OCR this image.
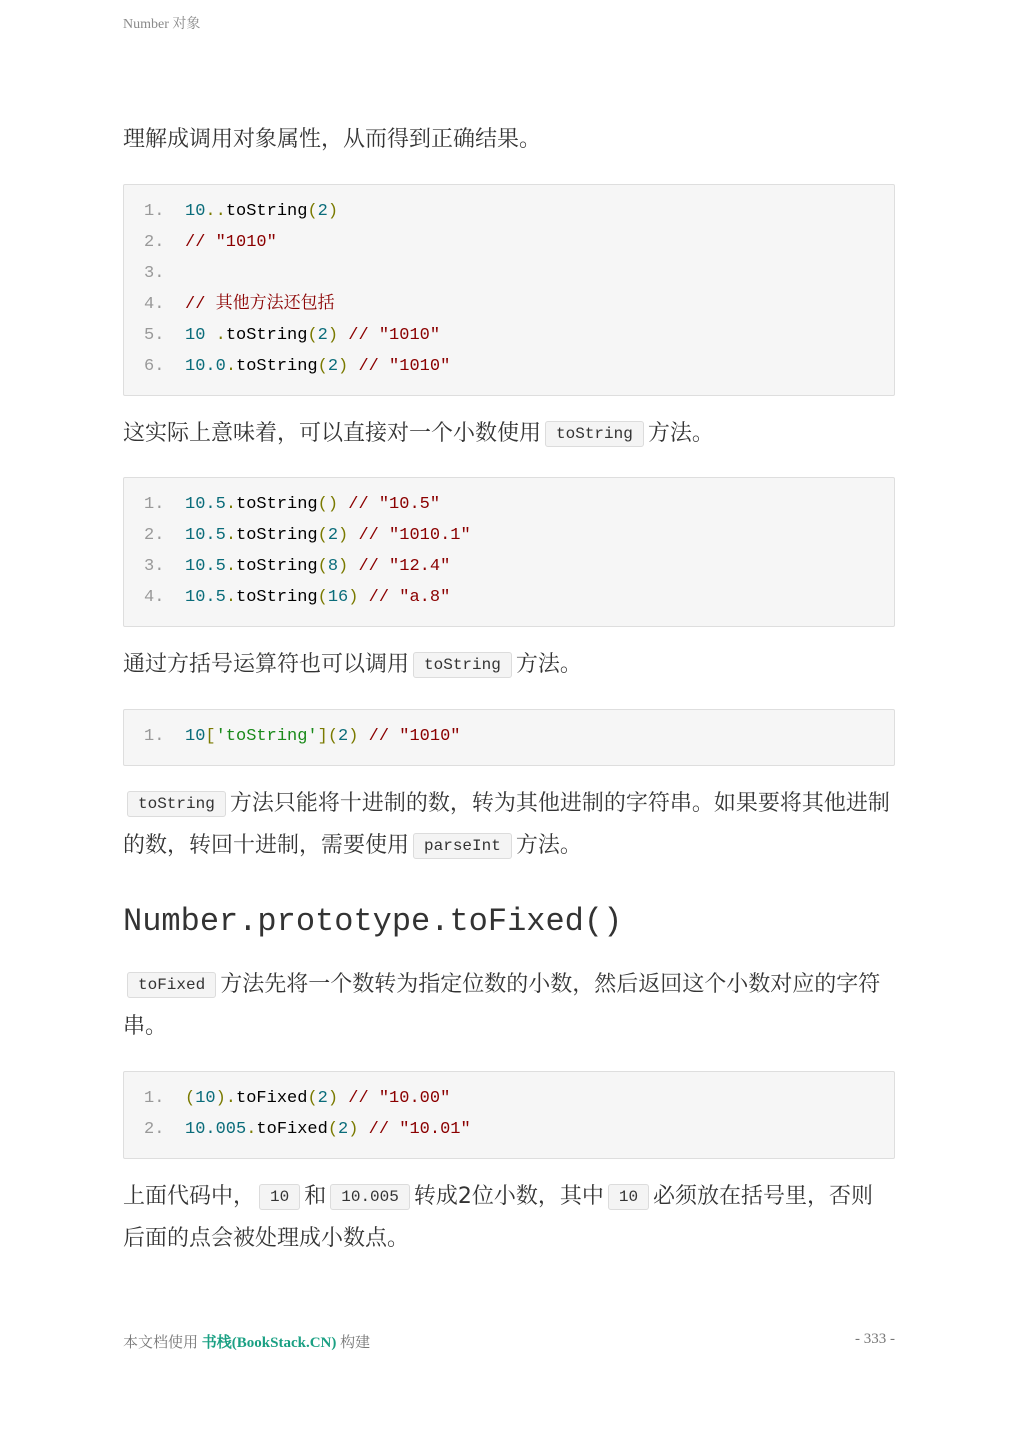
Number 对象
理解成调用对象属性，从而得到正确结果。
1. 10..toString(2)
2. // "1010"
3.
4. // 其他方法还包括
5. 10 .toString(2) // "1010"
6. 10.0.toString(2) // "1010"
这实际上意味着，可以直接对一个小数使用 toString 方法。
1. 10.5.toString() // "10.5"
2. 10.5.toString(2) // "1010.1"
3. 10.5.toString(8) // "12.4"
4. 10.5.toString(16) // "a.8"
通过方括号运算符也可以调用 toString 方法。
1. 10['toString'](2) // "1010"
toString 方法只能将十进制的数，转为其他进制的字符串。如果要将其他进制的数，转回十进制，需要使用 parseInt 方法。
Number.prototype.toFixed()
toFixed 方法先将一个数转为指定位数的小数，然后返回这个小数对应的字符串。
1. (10).toFixed(2) // "10.00"
2. 10.005.toFixed(2) // "10.01"
上面代码中， 10 和 10.005 转成2位小数，其中 10 必须放在括号里，否则后面的点会被处理成小数点。
本文档使用 书栈(BookStack.CN) 构建	- 333 -
